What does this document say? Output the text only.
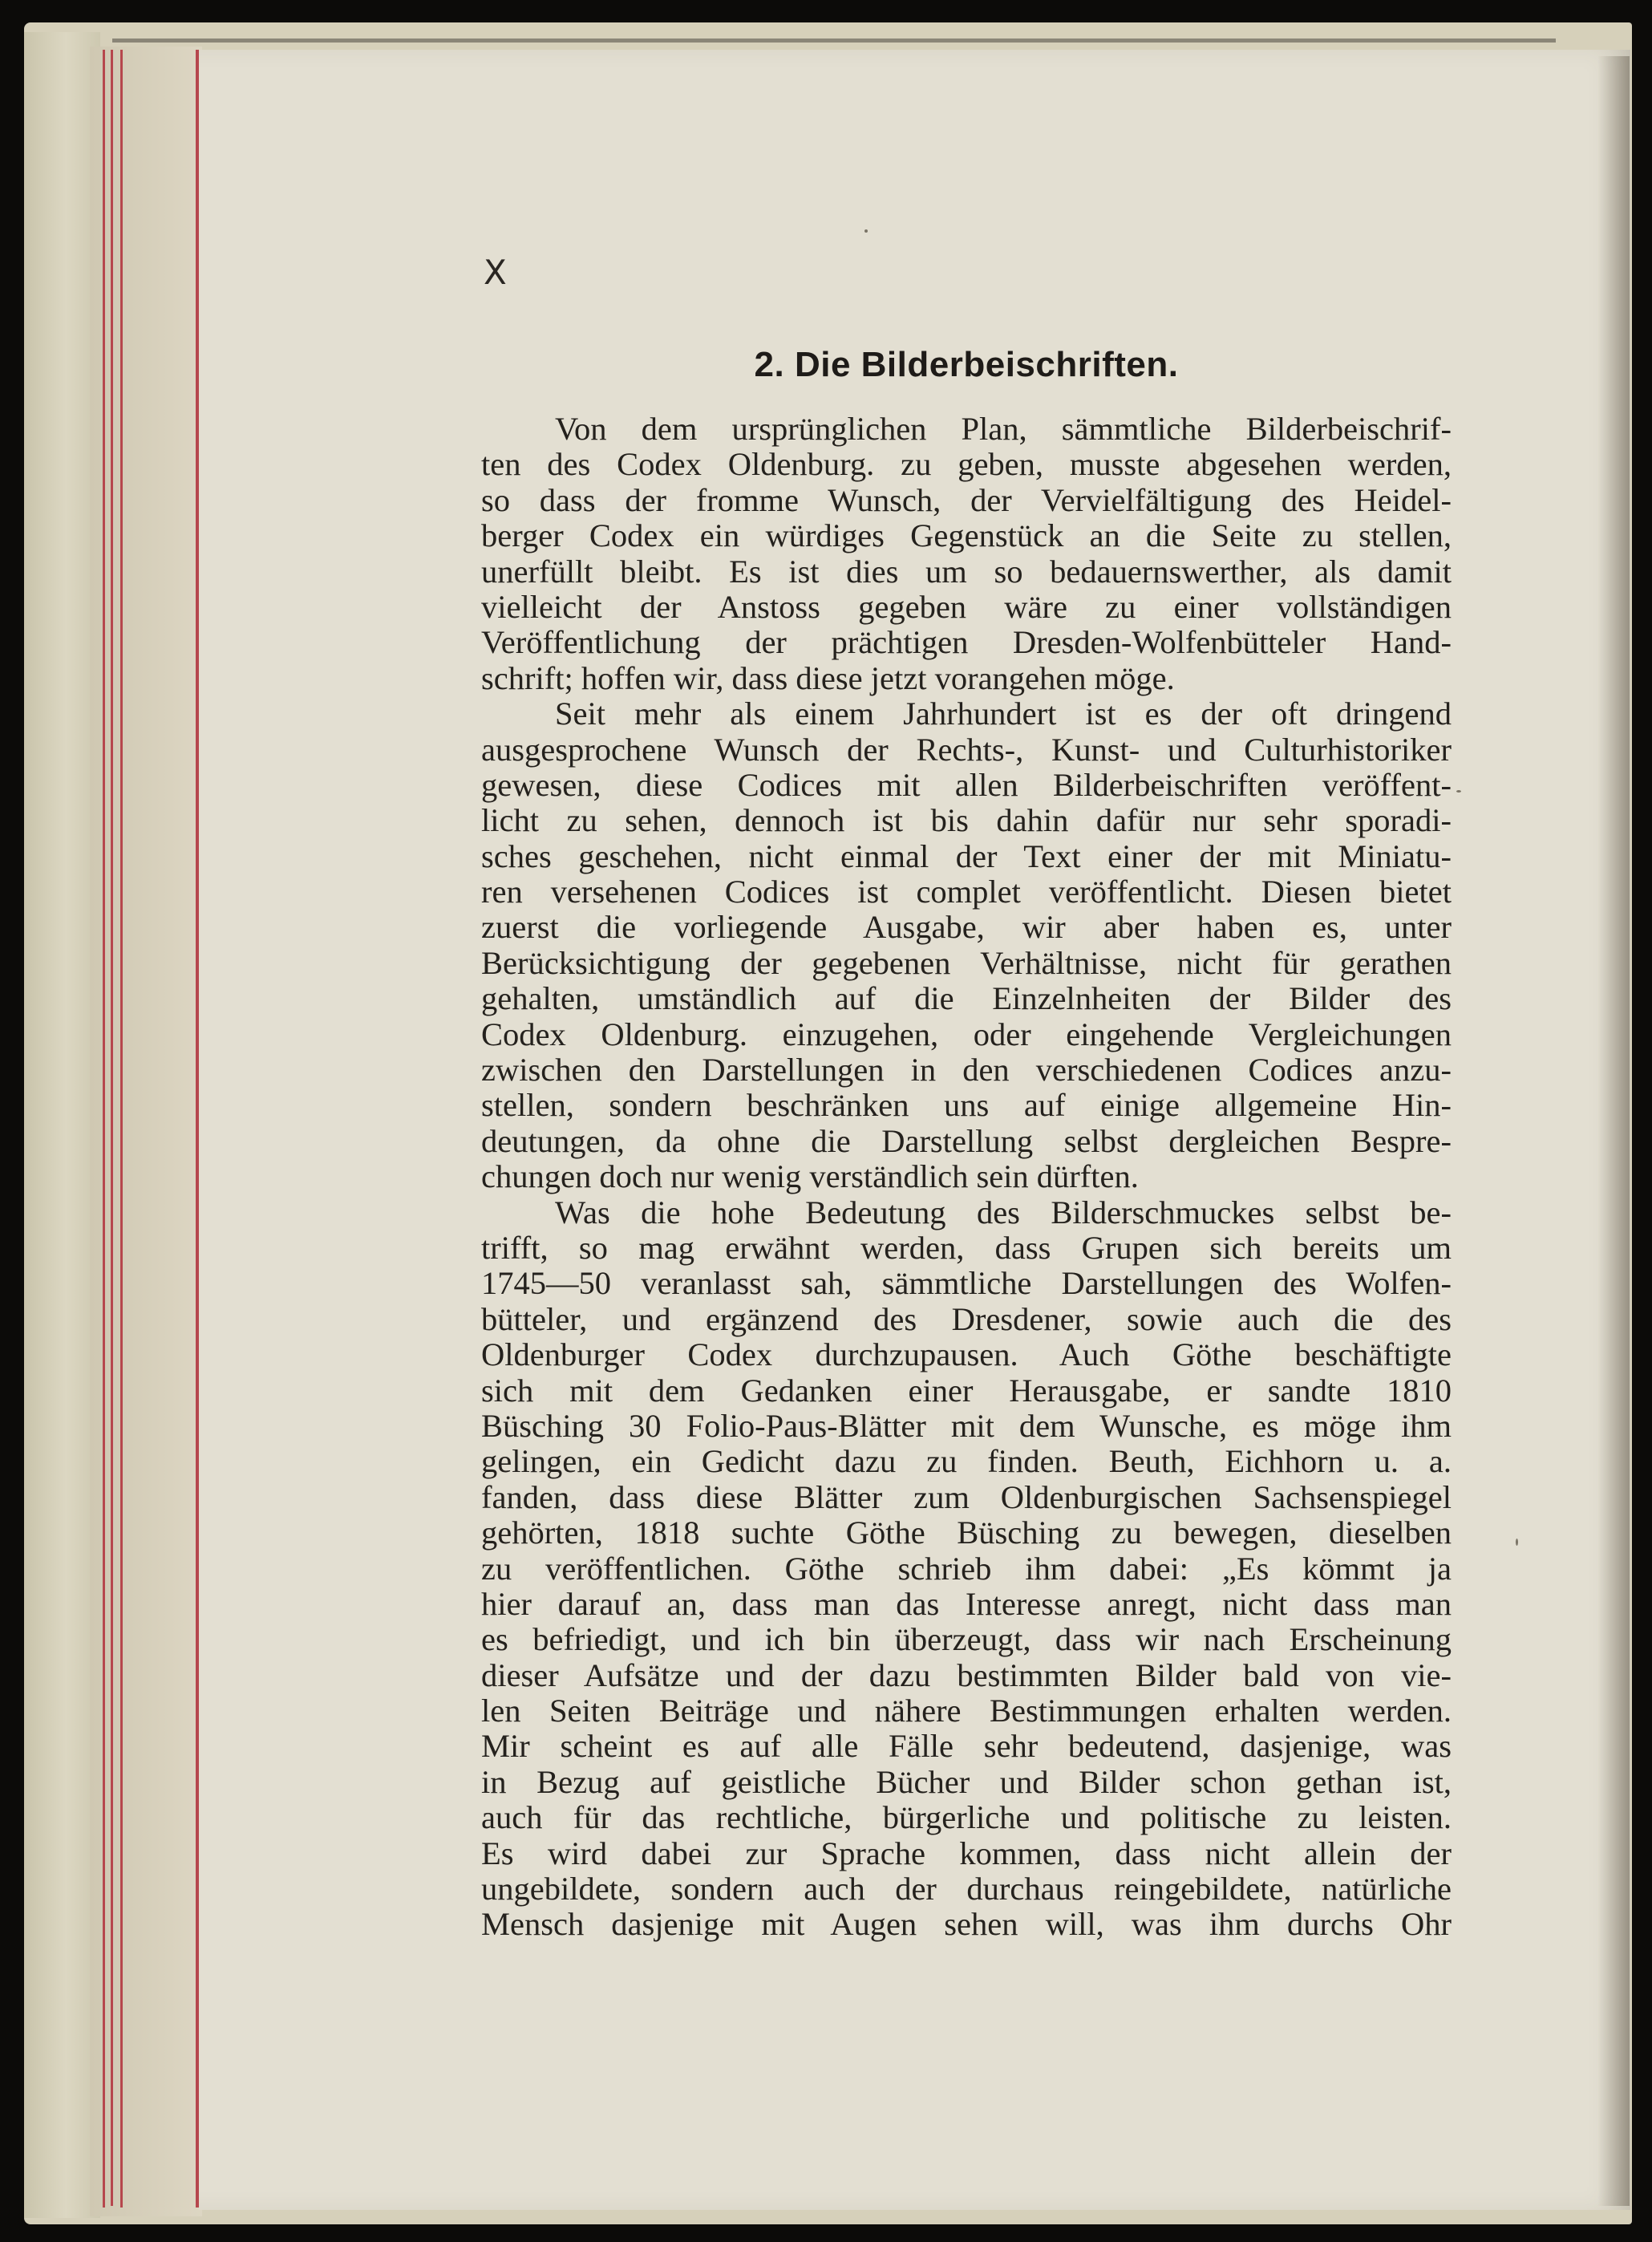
X
2. Die Bilderbeischriften.
Von dem ursprünglichen Plan, sämmtliche Bilderbeischrif-
ten des Codex Oldenburg. zu geben, musste abgesehen werden,
so dass der fromme Wunsch, der Vervielfältigung des Heidel-
berger Codex ein würdiges Gegenstück an die Seite zu stellen,
unerfüllt bleibt. Es ist dies um so bedauernswerther, als damit
vielleicht der Anstoss gegeben wäre zu einer vollständigen
Veröffentlichung der prächtigen Dresden-Wolfenbütteler Hand-
schrift; hoffen wir, dass diese jetzt vorangehen möge.
Seit mehr als einem Jahrhundert ist es der oft dringend
ausgesprochene Wunsch der Rechts-, Kunst- und Culturhistoriker
gewesen, diese Codices mit allen Bilderbeischriften veröffent-
licht zu sehen, dennoch ist bis dahin dafür nur sehr sporadi-
sches geschehen, nicht einmal der Text einer der mit Miniatu-
ren versehenen Codices ist complet veröffentlicht. Diesen bietet
zuerst die vorliegende Ausgabe, wir aber haben es, unter
Berücksichtigung der gegebenen Verhältnisse, nicht für gerathen
gehalten, umständlich auf die Einzelnheiten der Bilder des
Codex Oldenburg. einzugehen, oder eingehende Vergleichungen
zwischen den Darstellungen in den verschiedenen Codices anzu-
stellen, sondern beschränken uns auf einige allgemeine Hin-
deutungen, da ohne die Darstellung selbst dergleichen Bespre-
chungen doch nur wenig verständlich sein dürften.
Was die hohe Bedeutung des Bilderschmuckes selbst be-
trifft, so mag erwähnt werden, dass Grupen sich bereits um
1745—50 veranlasst sah, sämmtliche Darstellungen des Wolfen-
bütteler, und ergänzend des Dresdener, sowie auch die des
Oldenburger Codex durchzupausen. Auch Göthe beschäftigte
sich mit dem Gedanken einer Herausgabe, er sandte 1810
Büsching 30 Folio-Paus-Blätter mit dem Wunsche, es möge ihm
gelingen, ein Gedicht dazu zu finden. Beuth, Eichhorn u. a.
fanden, dass diese Blätter zum Oldenburgischen Sachsenspiegel
gehörten, 1818 suchte Göthe Büsching zu bewegen, dieselben
zu veröffentlichen. Göthe schrieb ihm dabei: „Es kömmt ja
hier darauf an, dass man das Interesse anregt, nicht dass man
es befriedigt, und ich bin überzeugt, dass wir nach Erscheinung
dieser Aufsätze und der dazu bestimmten Bilder bald von vie-
len Seiten Beiträge und nähere Bestimmungen erhalten werden.
Mir scheint es auf alle Fälle sehr bedeutend, dasjenige, was
in Bezug auf geistliche Bücher und Bilder schon gethan ist,
auch für das rechtliche, bürgerliche und politische zu leisten.
Es wird dabei zur Sprache kommen, dass nicht allein der
ungebildete, sondern auch der durchaus reingebildete, natürliche
Mensch dasjenige mit Augen sehen will, was ihm durchs Ohr
